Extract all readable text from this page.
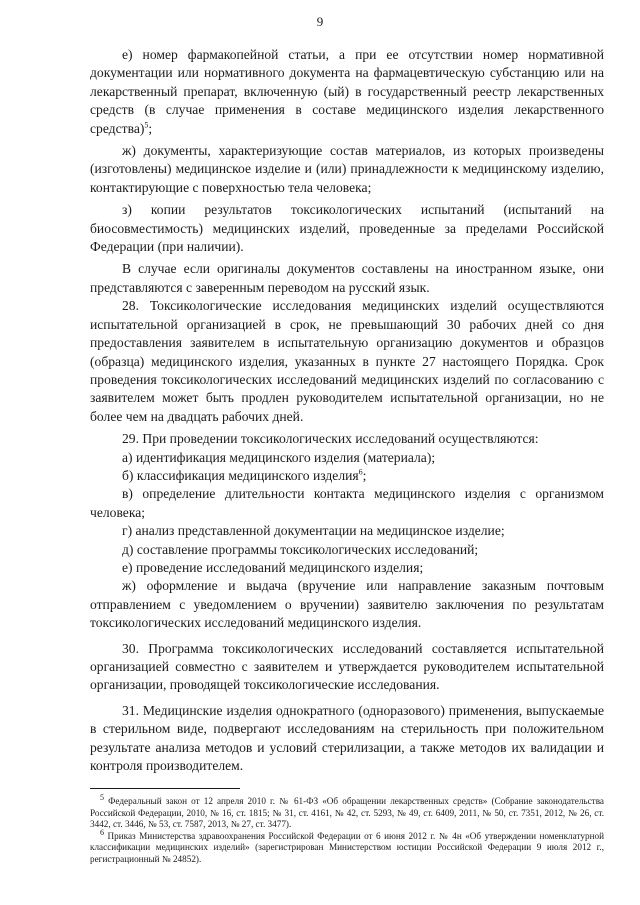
9

е) номер фармакопейной статьи, а при ее отсутствии номер нормативной документации или нормативного документа на фармацевтическую субстанцию или на лекарственный препарат, включенную (ый) в государственный реестр лекарственных средств (в случае применения в составе медицинского изделия лекарственного средства)$^5$;

ж) документы, характеризующие состав материалов, из которых произведены (изготовлены) медицинское изделие и (или) принадлежности к медицинскому изделию, контактирующие с поверхностью тела человека;

з) копии результатов токсикологических испытаний (испытаний на биосовместимость) медицинских изделий, проведенные за пределами Российской Федерации (при наличии).

В случае если оригиналы документов составлены на иностранном языке, они представляются с заверенным переводом на русский язык.

28. Токсикологические исследования медицинских изделий осуществляются испытательной организацией в срок, не превышающий 30 рабочих дней со дня предоставления заявителем в испытательную организацию документов и образцов (образца) медицинского изделия, указанных в пункте 27 настоящего Порядка. Срок проведения токсикологических исследований медицинских изделий по согласованию с заявителем может быть продлен руководителем испытательной организации, но не более чем на двадцать рабочих дней.

29. При проведении токсикологических исследований осуществляются:

а) идентификация медицинского изделия (материала);

б) классификация медицинского изделия$^6$;

в) определение длительности контакта медицинского изделия с организмом человека;

г) анализ представленной документации на медицинское изделие;

д) составление программы токсикологических исследований;

е) проведение исследований медицинского изделия;

ж) оформление и выдача (вручение или направление заказным почтовым отправлением с уведомлением о вручении) заявителю заключения по результатам токсикологических исследований медицинского изделия.

30. Программа токсикологических исследований составляется испытательной организацией совместно с заявителем и утверждается руководителем испытательной организации, проводящей токсикологические исследования.

31. Медицинские изделия однократного (одноразового) применения, выпускаемые в стерильном виде, подвергают исследованиям на стерильность при положительном результате анализа методов и условий стерилизации, а также методов их валидации и контроля производителем.

$^5$ Федеральный закон от 12 апреля 2010 г. № 61-ФЗ «Об обращении лекарственных средств» (Собрание законодательства Российской Федерации, 2010, № 16, ст. 1815; № 31, ст. 4161, № 42, ст. 5293, № 49, ст. 6409, 2011, № 50, ст. 7351, 2012, № 26, ст. 3442, ст. 3446, № 53, ст. 7587, 2013, № 27, ст. 3477).

$^6$ Приказ Министерства здравоохранения Российской Федерации от 6 июня 2012 г. № 4н «Об утверждении номенклатурной классификации медицинских изделий» (зарегистрирован Министерством юстиции Российской Федерации 9 июля 2012 г., регистрационный № 24852).
